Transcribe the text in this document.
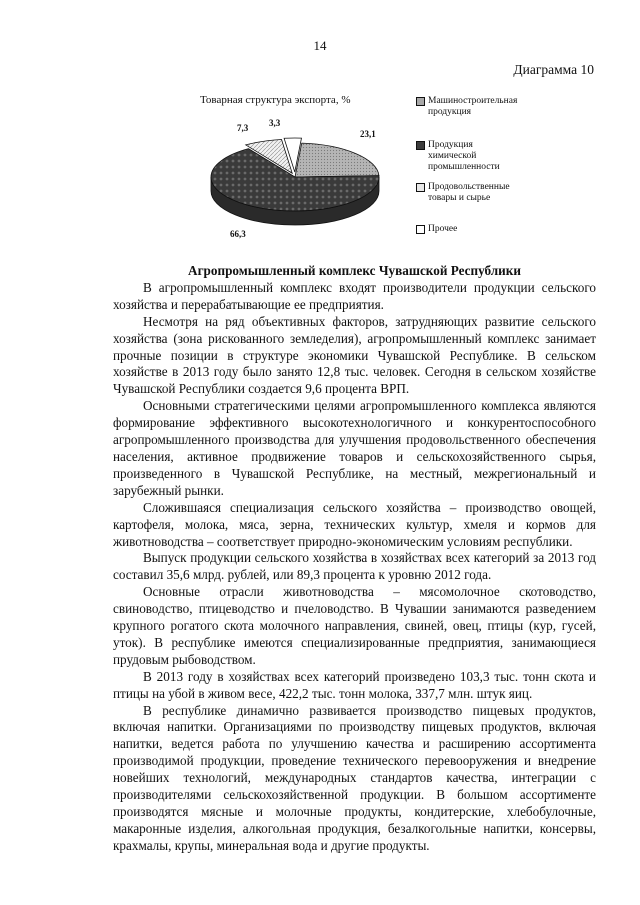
14
Диаграмма 10
Товарная структура экспорта, %
23,1
66,3
7,3 3,3
Машиностроительная продукция
Продукция химической промышленности
Продовольственные товары и сырье
Прочее
Агропромышленный комплекс Чувашской Республики

В агропромышленный комплекс входят производители продукции сельского хозяйства и перерабатывающие ее предприятия.

Несмотря на ряд объективных факторов, затрудняющих развитие сельского хозяйства (зона рискованного земледелия), агропромышленный комплекс занимает прочные позиции в структуре экономики Чувашской Республике. В сельском хозяйстве в 2013 году было занято 12,8 тыс. человек. Сегодня в сельском хозяйстве Чувашской Республики создается 9,6 процента ВРП.

Основными стратегическими целями агропромышленного комплекса являются формирование эффективного высокотехнологичного и конкурентоспособного агропромышленного производства для улучшения продовольственного обеспечения населения, активное продвижение товаров и сельскохозяйственного сырья, произведенного в Чувашской Республике, на местный, межрегиональный и зарубежный рынки.

Сложившаяся специализация сельского хозяйства – производство овощей, картофеля, молока, мяса, зерна, технических культур, хмеля и кормов для животноводства – соответствует природно-экономическим условиям республики.

Выпуск продукции сельского хозяйства в хозяйствах всех категорий за 2013 год составил 35,6 млрд. рублей, или 89,3 процента к уровню 2012 года.

Основные отрасли животноводства – мясомолочное скотоводство, свиноводство, птицеводство и пчеловодство. В Чувашии занимаются разведением крупного рогатого скота молочного направления, свиней, овец, птицы (кур, гусей, уток). В республике имеются специализированные предприятия, занимающиеся прудовым рыбоводством.

В 2013 году в хозяйствах всех категорий произведено 103,3 тыс. тонн скота и птицы на убой в живом весе, 422,2 тыс. тонн молока, 337,7 млн. штук яиц.

В республике динамично развивается производство пищевых продуктов, включая напитки. Организациями по производству пищевых продуктов, включая напитки, ведется работа по улучшению качества и расширению ассортимента производимой продукции, проведение технического перевооружения и внедрение новейших технологий, международных стандартов качества, интеграции с производителями сельскохозяйственной продукции. В большом ассортименте производятся мясные и молочные продукты, кондитерские, хлебобулочные, макаронные изделия, алкогольная продукция, безалкогольные напитки, консервы, крахмалы, крупы, минеральная вода и другие продукты.
